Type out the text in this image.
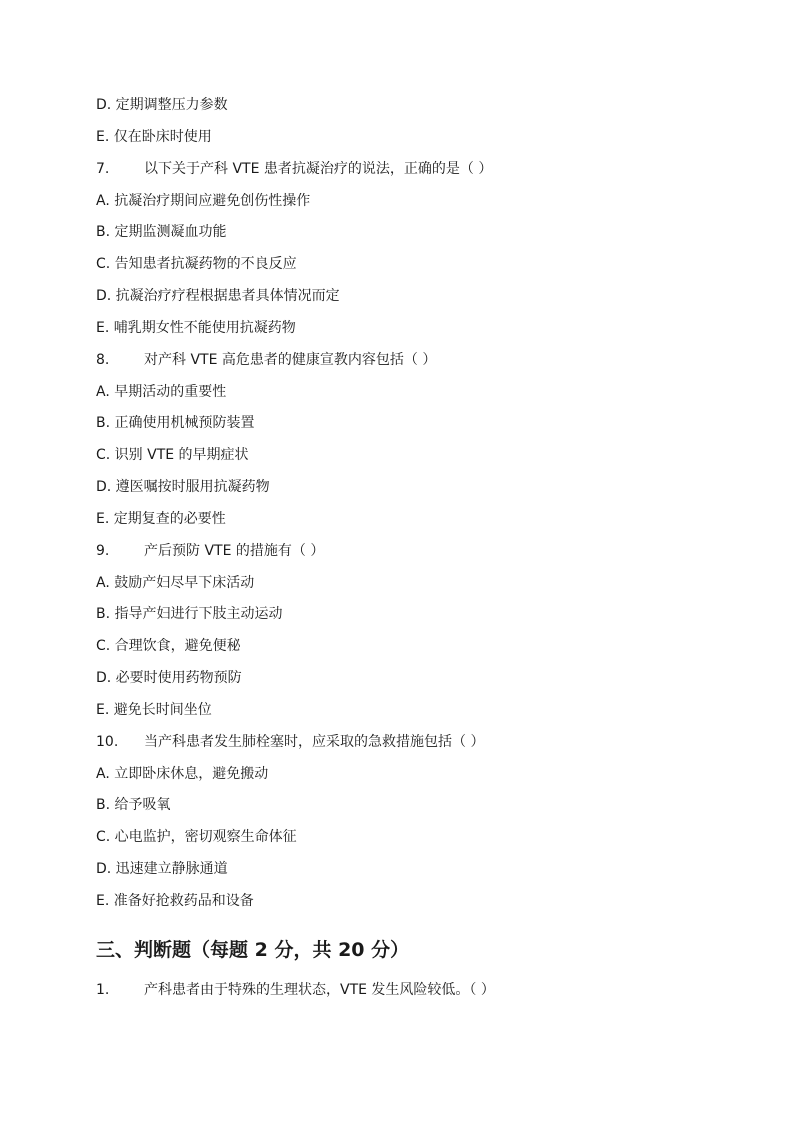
D. 定期调整压力参数
E. 仅在卧床时使用
7. 以下关于产科 VTE 患者抗凝治疗的说法，正确的是（ ）
A. 抗凝治疗期间应避免创伤性操作
B. 定期监测凝血功能
C. 告知患者抗凝药物的不良反应
D. 抗凝治疗疗程根据患者具体情况而定
E. 哺乳期女性不能使用抗凝药物
8. 对产科 VTE 高危患者的健康宣教内容包括（ ）
A. 早期活动的重要性
B. 正确使用机械预防装置
C. 识别 VTE 的早期症状
D. 遵医嘱按时服用抗凝药物
E. 定期复查的必要性
9. 产后预防 VTE 的措施有（ ）
A. 鼓励产妇尽早下床活动
B. 指导产妇进行下肢主动运动
C. 合理饮食，避免便秘
D. 必要时使用药物预防
E. 避免长时间坐位
10. 当产科患者发生肺栓塞时，应采取的急救措施包括（ ）
A. 立即卧床休息，避免搬动
B. 给予吸氧
C. 心电监护，密切观察生命体征
D. 迅速建立静脉通道
E. 准备好抢救药品和设备
三、判断题（每题 2 分，共 20 分）
1. 产科患者由于特殊的生理状态，VTE 发生风险较低。（ ）
